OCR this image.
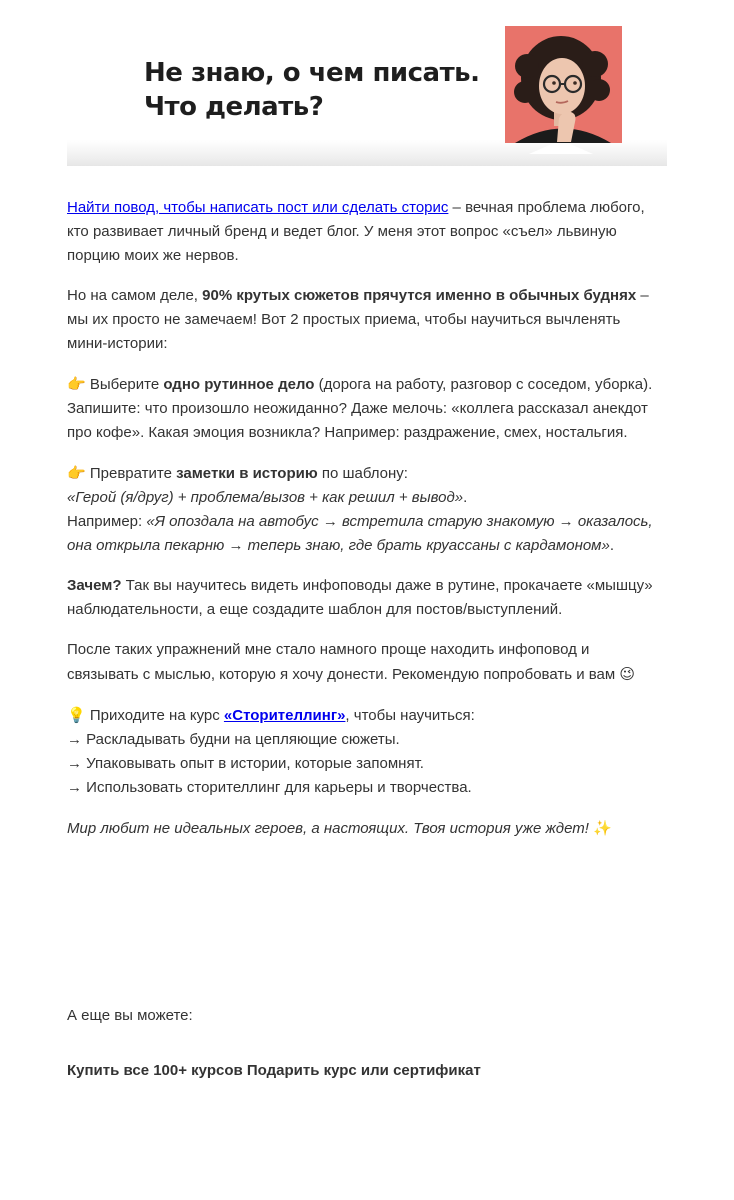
Не знаю, о чем писать.
Что делать?

Найти повод, чтобы написать пост или сделать сторис – вечная проблема любого, кто развивает личный бренд и ведет блог. У меня этот вопрос «съел» львиную порцию моих же нервов.

Но на самом деле, 90% крутых сюжетов прячутся именно в обычных буднях – мы их просто не замечаем! Вот 2 простых приема, чтобы научиться вычленять мини-истории:

👉 Выберите одно рутинное дело (дорога на работу, разговор с соседом, уборка). Запишите: что произошло неожиданно? Даже мелочь: «коллега рассказал анекдот про кофе». Какая эмоция возникла? Например: раздражение, смех, ностальгия.

👉 Превратите заметки в историю по шаблону:
«Герой (я/друг) + проблема/вызов + как решил + вывод».
Например: «Я опоздала на автобус → встретила старую знакомую → оказалось, она открыла пекарню → теперь знаю, где брать круассаны с кардамоном».

Зачем? Так вы научитесь видеть инфоповоды даже в рутине, прокачаете «мышцу» наблюдательности, а еще создадите шаблон для постов/выступлений.

После таких упражнений мне стало намного проще находить инфоповод и связывать с мыслью, которую я хочу донести. Рекомендую попробовать и вам 😉

💡 Приходите на курс «Сторителлинг», чтобы научиться:
→ Раскладывать будни на цепляющие сюжеты.
→ Упаковывать опыт в истории, которые запомнят.
→ Использовать сторителлинг для карьеры и творчества.

Мир любит не идеальных героев, а настоящих. Твоя история уже ждет! ✨

А еще вы можете:

Купить все 100+ курсов Подарить курс или сертификат
